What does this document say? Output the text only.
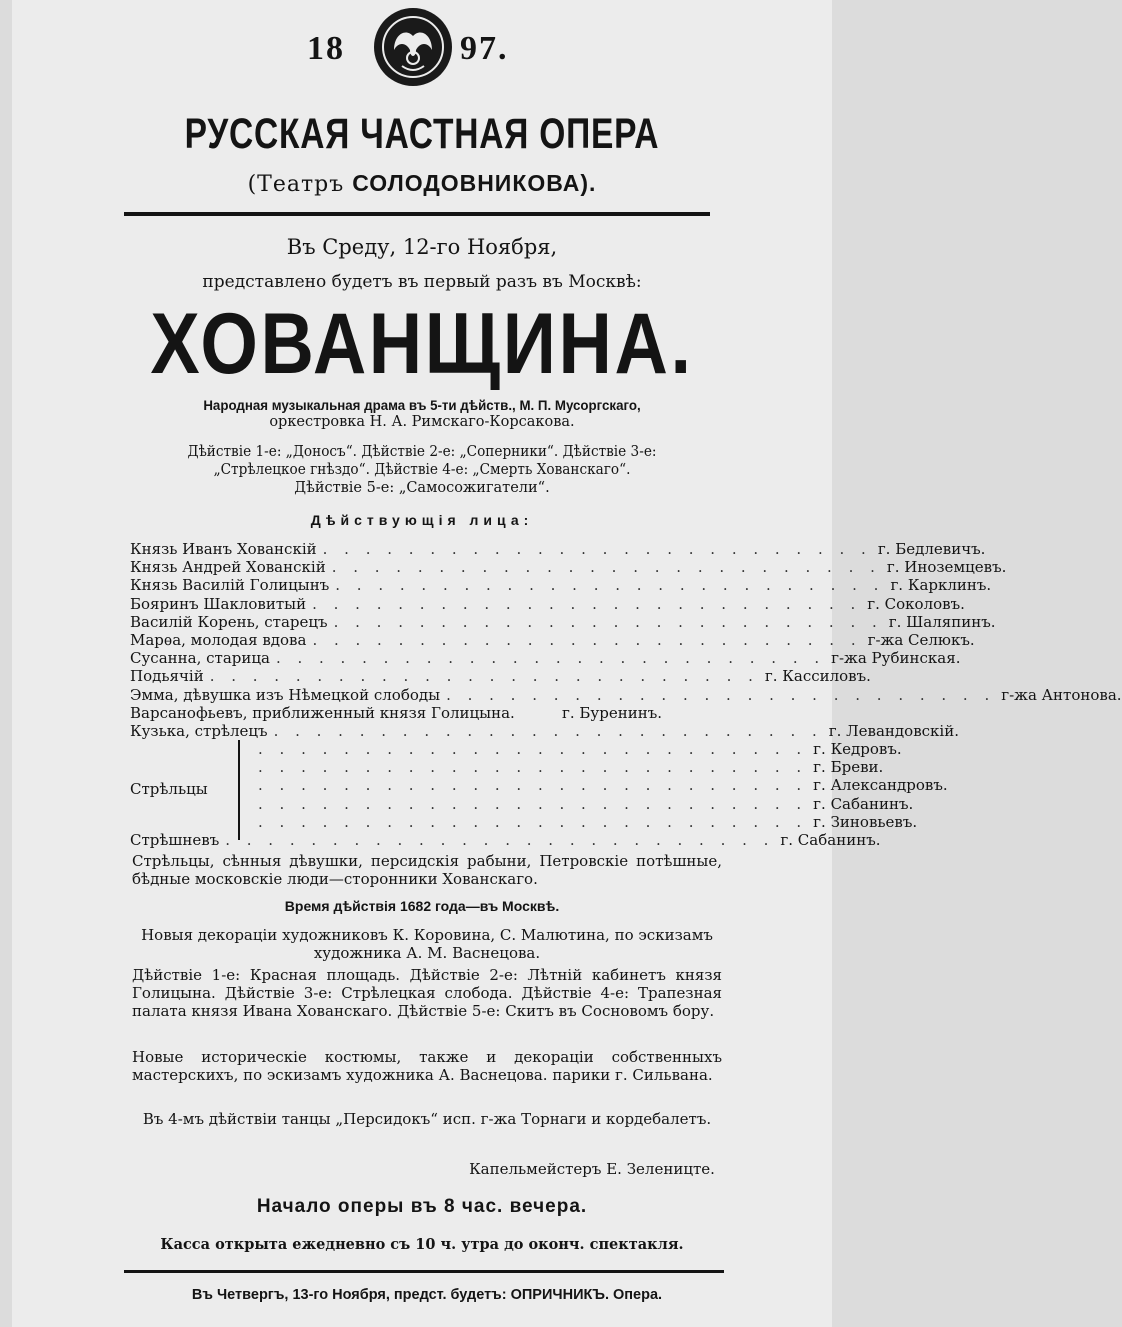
18	97.
РУССКАЯ ЧАСТНАЯ ОПЕРА
(Театръ СОЛОДОВНИКОВА).
Въ Среду, 12-го Ноября,
представлено будетъ въ первый разъ въ Москвѣ:
ХОВАНЩИНА.
Народная музыкальная драма въ 5-ти дѣйств., М. П. Мусоргскаго,
оркестровка Н. А. Римскаго-Корсакова.
Дѣйствіе 1-е: „Доносъ“. Дѣйствіе 2-е: „Соперники“. Дѣйствіе 3-е:
„Стрѣлецкое гнѣздо“. Дѣйствіе 4-е: „Смерть Хованскаго“.
Дѣйствіе 5-е: „Самосожигатели“.
Дѣйствующія лица:
Стрѣльцы
Князь Иванъ Хованскій . . . . . . . . . . . . . . . . . . . . . . . . . . г. Бедлевичъ.
Князь Андрей Хованскій . . . . . . . . . . . . . . . . . . . . . . . . . . г. Иноземцевъ.
Князь Василій Голицынъ . . . . . . . . . . . . . . . . . . . . . . . . . . г. Карклинъ.
Бояринъ Шакловитый . . . . . . . . . . . . . . . . . . . . . . . . . . г. Соколовъ.
Василій Корень, старецъ . . . . . . . . . . . . . . . . . . . . . . . . . . г. Шаляпинъ.
Марѳа, молодая вдова . . . . . . . . . . . . . . . . . . . . . . . . . . г-жа Селюкъ.
Сусанна, старица . . . . . . . . . . . . . . . . . . . . . . . . . . г-жа Рубинская.
Подьячій . . . . . . . . . . . . . . . . . . . . . . . . . . г. Кассиловъ.
Эмма, дѣвушка изъ Нѣмецкой слободы . . . . . . . . . . . . . . . . . . . . . . . . . . г-жа Антонова.
Варсанофьевъ, приближенный князя Голицына.	г. Буренинъ.
Кузька, стрѣлецъ . . . . . . . . . . . . . . . . . . . . . . . . . . г. Левандовскій.
. . . . . . . . . . . . . . . . . . . . . . . . . . г. Кедровъ.
. . . . . . . . . . . . . . . . . . . . . . . . . . г. Бреви.
. . . . . . . . . . . . . . . . . . . . . . . . . . г. Александровъ.
. . . . . . . . . . . . . . . . . . . . . . . . . . г. Сабанинъ.
. . . . . . . . . . . . . . . . . . . . . . . . . . г. Зиновьевъ.
Стрѣшневъ . . . . . . . . . . . . . . . . . . . . . . . . . . г. Сабанинъ.
Стрѣльцы, сѣнныя дѣвушки, персидскія рабыни, Петровскіе потѣшные, бѣдные московскіе люди—сторонники Хованскаго.
Время дѣйствія 1682 года—въ Москвѣ.
Новыя декораціи художниковъ К. Коровина, С. Малютина, по эскизамъ художника А. М. Васнецова.
Дѣйствіе 1-е: Красная площадь. Дѣйствіе 2-е: Лѣтній кабинетъ князя Голицына. Дѣйствіе 3-е: Стрѣлецкая слобода. Дѣйствіе 4-е: Трапезная палата князя Ивана Хованскаго. Дѣйствіе 5-е: Скитъ въ Сосновомъ бору.
Новые историческіе костюмы, также и декораціи собственныхъ мастерскихъ, по эскизамъ художника А. Васнецова. парики г. Сильвана.
Въ 4-мъ дѣйствіи танцы „Персидокъ“ исп. г-жа Торнаги и кордебалетъ.
Капельмейстеръ Е. Зеленицте.
Начало оперы въ 8 час. вечера.
Касса открыта ежедневно съ 10 ч. утра до оконч. спектакля.
Въ Четвергъ, 13-го Ноября, предст. будетъ: ОПРИЧНИКЪ. Опера.
